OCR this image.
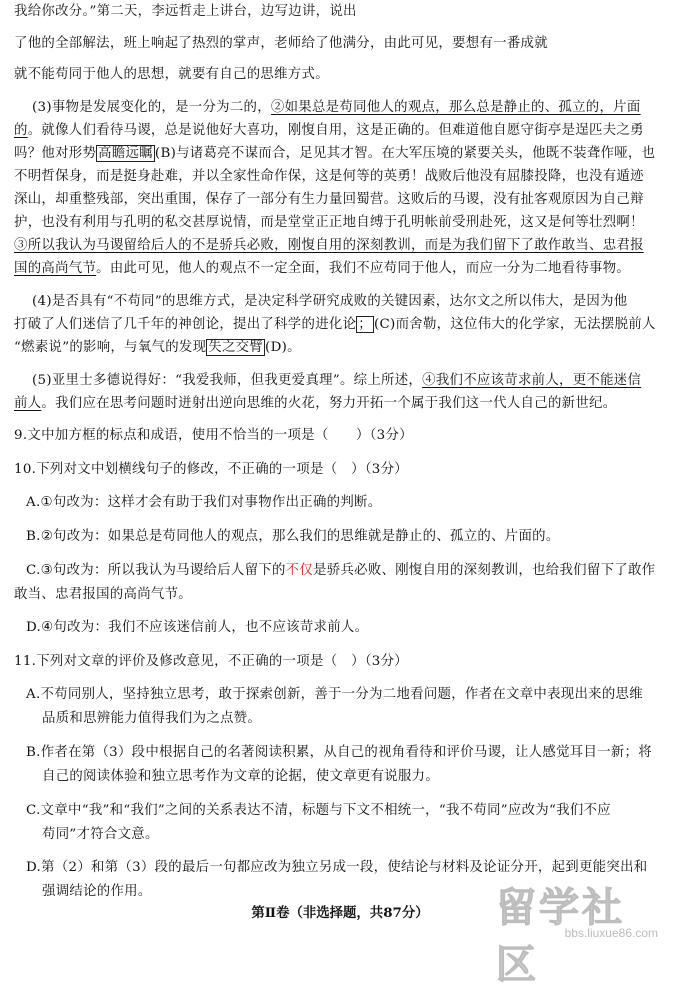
我给你改分。”第二天，李远哲走上讲台，边写边讲，说出
了他的全部解法，班上响起了热烈的掌声，老师给了他满分，由此可见，要想有一番成就
就不能苟同于他人的思想，就要有自己的思维方式。
(3)事物是发展变化的，是一分为二的，②如果总是苟同他人的观点，那么总是静止的、孤立的，片面
的。就像人们看待马谡，总是说他好大喜功，刚愎自用，这是正确的。但难道他自愿守街亭是逞匹夫之勇
吗？他对形势 高瞻远瞩 (B)与诸葛亮不谋而合，足见其才智。在大军压境的紧要关头，他既不装聋作哑，也
不明哲保身，而是挺身赴难，并以全家性命作保，这是何等的英勇！战败后他没有屈膝投降，也没有遁迹
深山，却重整残部，突出重围，保存了一部分有生力量回蜀营。这败后的马谡，没有扯客观原因为自己辩
护，也没有利用与孔明的私交甚厚说情，而是堂堂正正地自缚于孔明帐前受刑赴死，这又是何等壮烈啊！
③所以我认为马谡留给后人的不是骄兵必败，刚愎自用的深刻教训，而是为我们留下了敢作敢当、忠君报
国的高尚气节。由此可见，他人的观点不一定全面，我们不应苟同于他人，而应一分为二地看待事物。
(4)是否具有“不苟同”的思维方式，是决定科学研究成败的关键因素，达尔文之所以伟大，是因为他
打破了人们迷信了几千年的神创论，提出了科学的进化论 ； (C)而舍勒，这位伟大的化学家，无法摆脱前人
“燃素说”的影响，与氧气的发现 失之交臂 (D)。
(5)亚里士多德说得好：“我爱我师，但我更爱真理”。综上所述，④我们不应该苛求前人，更不能迷信
前人。我们应在思考问题时迸射出逆向思维的火花，努力开拓一个属于我们这一代人自己的新世纪。
9.文中加方框的标点和成语，使用不恰当的一项是（　　）（3分）
10.下列对文中划横线句子的修改，不正确的一项是（　）（3分）
A.①句改为：这样才会有助于我们对事物作出正确的判断。
B.②句改为：如果总是苟同他人的观点，那么我们的思维就是静止的、孤立的、片面的。
C.③句改为：所以我认为马谡给后人留下的不仅是骄兵必败、刚愎自用的深刻教训，也给我们留下了敢作
敢当、忠君报国的高尚气节。
D.④句改为：我们不应该迷信前人，也不应该苛求前人。
11.下列对文章的评价及修改意见，不正确的一项是（　）（3分）
A.不苟同别人，坚持独立思考，敢于探索创新，善于一分为二地看问题，作者在文章中表现出来的思维
品质和思辨能力值得我们为之点赞。
B.作者在第（3）段中根据自己的名著阅读积累，从自己的视角看待和评价马谡，让人感觉耳目一新；将
自己的阅读体验和独立思考作为文章的论据，使文章更有说服力。
C.文章中“我”和“我们”之间的关系表达不清，标题与下文不相统一，“我不苟同”应改为“我们不应
苟同”才符合文意。
D.第（2）和第（3）段的最后一句都应改为独立另成一段，使结论与材料及论证分开，起到更能突出和
强调结论的作用。
第Ⅱ卷（非选择题，共87分）	留学社区
bbs.liuxue86.com
